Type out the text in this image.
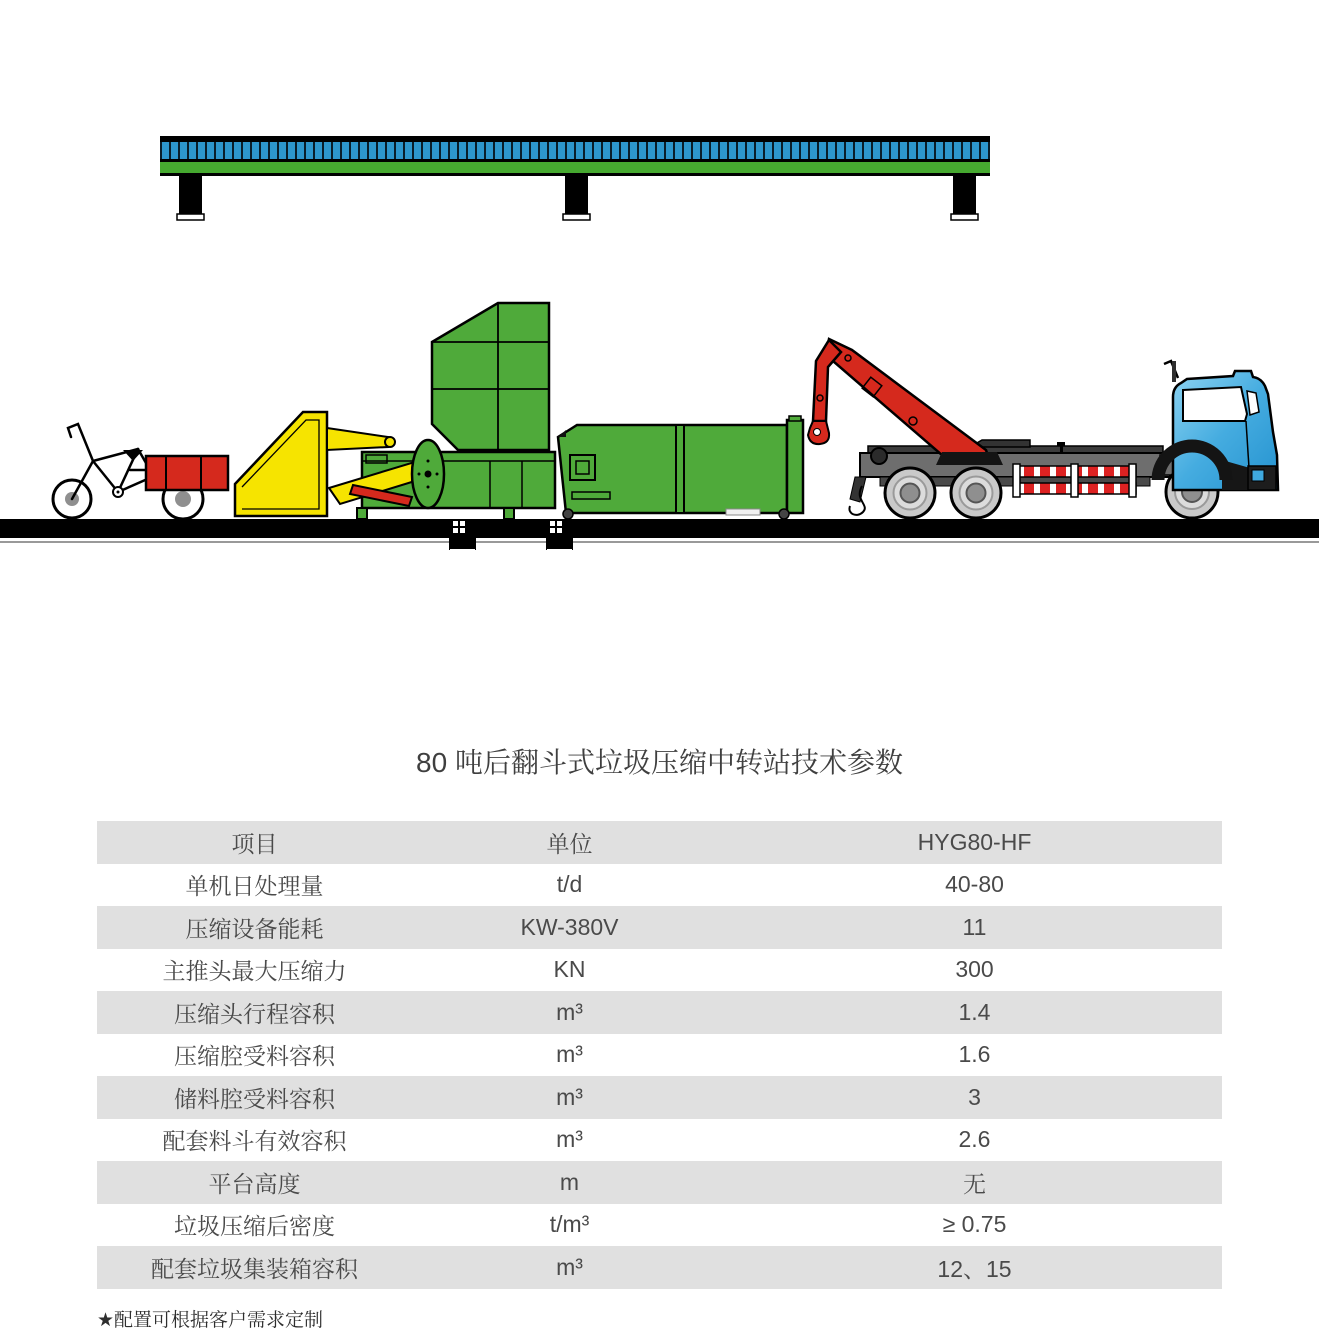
80 吨后翻斗式垃圾压缩中转站技术参数
项目	单位	HYG80-HF
单机日处理量	t/d	40-80
压缩设备能耗	KW-380V	11
主推头最大压缩力	KN	300
压缩头行程容积	m³	1.4
压缩腔受料容积	m³	1.6
储料腔受料容积	m³	3
配套料斗有效容积	m³	2.6
平台高度	m	无
垃圾压缩后密度	t/m³	≥ 0.75
配套垃圾集装箱容积	m³	12、15
★配置可根据客户需求定制
